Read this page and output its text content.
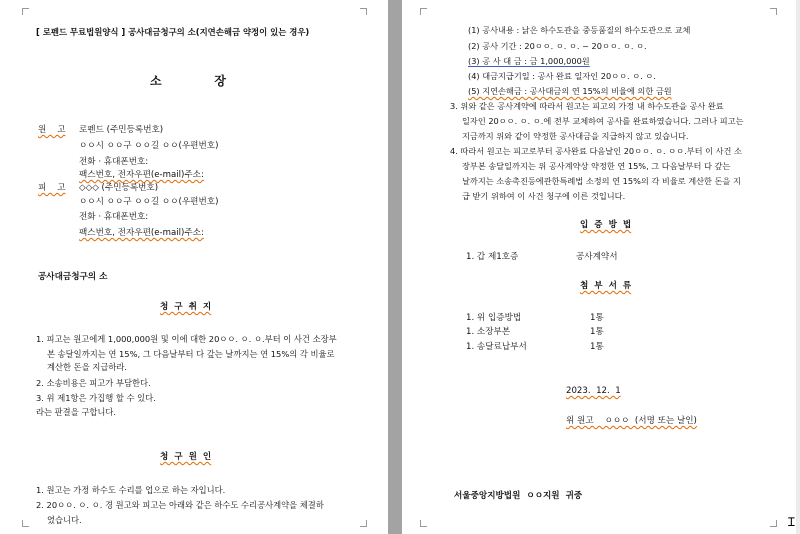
[ 로펜드 무료법원양식 ] 공사대금청구의 소(지연손해금 약정이 있는 경우)
소          장
원    고 로펜드 (주민등록번호)
ㅇㅇ시 ㅇㅇ구 ㅇㅇ길 ㅇㅇ(우편번호)
전화 · 휴대폰번호:
팩스번호, 전자우편(e-mail)주소:
피    고 ◇◇◇ (주민등록번호)
ㅇㅇ시 ㅇㅇ구 ㅇㅇ길 ㅇㅇ(우편번호)
전화 · 휴대폰번호:
팩스번호, 전자우편(e-mail)주소:
공사대금청구의 소
청  구  취  지
1. 피고는 원고에게 1,000,000원 및 이에 대한 20ㅇㅇ. ㅇ. ㅇ.부터 이 사건 소장부
본 송달일까지는 연 15%, 그 다음날부터 다 갚는 날까지는 연 15%의 각 비율로
계산한 돈을 지급하라.
2. 소송비용은 피고가 부담한다.
3. 위 제1항은 가집행 할 수 있다.
라는 판결을 구합니다.
청  구  원  인
1. 원고는 가정 하수도 수리를 업으로 하는 자입니다.
2. 20ㅇㅇ. ㅇ. ㅇ. 경 원고와 피고는 아래와 같은 하수도 수리공사계약을 체결하
였습니다.
(1) 공사내용 : 낡은 하수도관을 중등품질의 하수도관으로 교체
(2) 공사 기간 : 20ㅇㅇ. ㅇ. ㅇ. ~ 20ㅇㅇ. ㅇ. ㅇ.
(3) 공 사 대 금 : 금 1,000,000원
(4) 대금지급기일 : 공사 완료 일자인 20ㅇㅇ. ㅇ. ㅇ.
(5) 지연손해금 : 공사대금의 연 15%의 비율에 의한 금원
3. 위와 같은 공사계약에 따라서 원고는 피고의 가정 내 하수도관을 공사 완료
일자인 20ㅇㅇ. ㅇ. ㅇ.에 전부 교체하여 공사를 완료하였습니다. 그러나 피고는
지금까지 위와 같이 약정한 공사대금을 지급하지 않고 있습니다.
4. 따라서 원고는 피고로부터 공사완료 다음날인 20ㅇㅇ. ㅇ. ㅇㅇ.부터 이 사건 소
장부본 송달일까지는 위 공사계약상 약정한 연 15%, 그 다음날부터 다 갚는
날까지는 소송촉진등에관한특례법 소정의 연 15%의 각 비율로 계산한 돈을 지
급 받기 위하여 이 사건 청구에 이른 것입니다.
입  증  방  법
1. 갑 제1호증	공사계약서
첨  부  서  류
1. 위 입증방법	1통
1. 소장부본	1통
1. 송달료납부서	1통
2023.  12.  1
위 원고    ㅇㅇㅇ  (서명 또는 날인)
서울중앙지방법원  ㅇㅇ지원  귀중
Ɪ
